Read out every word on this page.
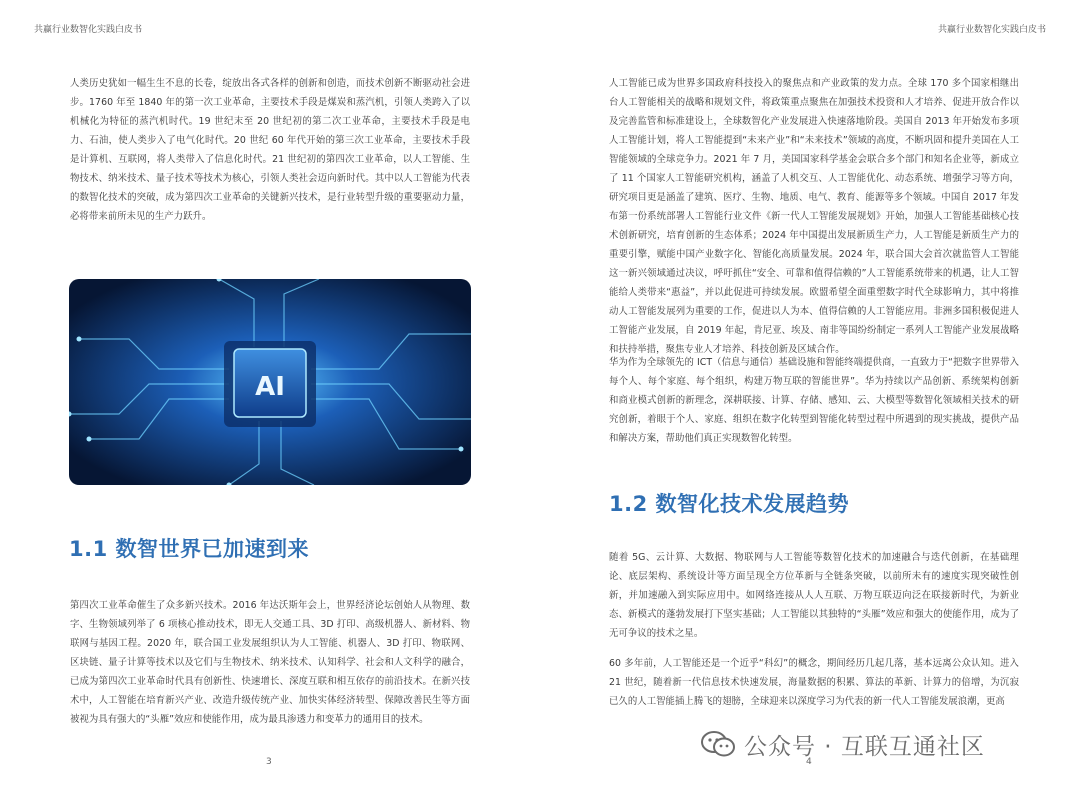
共赢行业数智化实践白皮书

人类历史犹如一幅生生不息的长卷，绽放出各式各样的创新和创造，而技术创新不断驱动社会进步。1760 年至 1840 年的第一次工业革命，主要技术手段是煤炭和蒸汽机，引领人类跨入了以机械化为特征的蒸汽机时代。19 世纪末至 20 世纪初的第二次工业革命，主要技术手段是电力、石油，使人类步入了电气化时代。20 世纪 60 年代开始的第三次工业革命，主要技术手段是计算机、互联网，将人类带入了信息化时代。21 世纪初的第四次工业革命，以人工智能、生物技术、纳米技术、量子技术等技术为核心，引领人类社会迈向新时代。其中以人工智能为代表的数智化技术的突破，成为第四次工业革命的关键新兴技术，是行业转型升级的重要驱动力量，必将带来前所未见的生产力跃升。

AI
1.1 数智世界已加速到来

第四次工业革命催生了众多新兴技术。2016 年达沃斯年会上，世界经济论坛创始人从物理、数字、生物领域列举了 6 项核心推动技术，即无人交通工具、3D 打印、高级机器人、新材料、物联网与基因工程。2020 年，联合国工业发展组织认为人工智能、机器人、3D 打印、物联网、区块链、量子计算等技术以及它们与生物技术、纳米技术、认知科学、社会和人文科学的融合，已成为第四次工业革命时代具有创新性、快速增长、深度互联和相互依存的前沿技术。在新兴技术中，人工智能在培育新兴产业、改造升级传统产业、加快实体经济转型、保障改善民生等方面被视为具有强大的“头雁”效应和使能作用，成为最具渗透力和变革力的通用目的技术。

3
共赢行业数智化实践白皮书

人工智能已成为世界多国政府科技投入的聚焦点和产业政策的发力点。全球 170 多个国家相继出台人工智能相关的战略和规划文件，将政策重点聚焦在加强技术投资和人才培养、促进开放合作以及完善监管和标准建设上，全球数智化产业发展进入快速落地阶段。美国自 2013 年开始发布多项人工智能计划，将人工智能提到“未来产业”和“未来技术”领域的高度，不断巩固和提升美国在人工智能领域的全球竞争力。2021 年 7 月，美国国家科学基金会联合多个部门和知名企业等，新成立了 11 个国家人工智能研究机构，涵盖了人机交互、人工智能优化、动态系统、增强学习等方向，研究项目更是涵盖了建筑、医疗、生物、地质、电气、教育、能源等多个领域。中国自 2017 年发布第一份系统部署人工智能行业文件《新一代人工智能发展规划》开始，加强人工智能基础核心技术创新研究，培育创新的生态体系；2024 年中国提出发展新质生产力，人工智能是新质生产力的重要引擎，赋能中国产业数字化、智能化高质量发展。2024 年，联合国大会首次就监管人工智能这一新兴领域通过决议，呼吁抓住“安全、可靠和值得信赖的”人工智能系统带来的机遇，让人工智能给人类带来“惠益”，并以此促进可持续发展。欧盟希望全面重塑数字时代全球影响力，其中将推动人工智能发展列为重要的工作，促进以人为本、值得信赖的人工智能应用。非洲多国积极促进人工智能产业发展，自 2019 年起，肯尼亚、埃及、南非等国纷纷制定一系列人工智能产业发展战略和扶持举措，聚焦专业人才培养、科技创新及区域合作。

华为作为全球领先的 ICT（信息与通信）基础设施和智能终端提供商，一直致力于“把数字世界带入每个人、每个家庭、每个组织，构建万物互联的智能世界”。华为持续以产品创新、系统架构创新和商业模式创新的新理念，深耕联接、计算、存储、感知、云、大模型等数智化领域相关技术的研究创新，着眼于个人、家庭、组织在数字化转型到智能化转型过程中所遇到的现实挑战，提供产品和解决方案，帮助他们真正实现数智化转型。

1.2 数智化技术发展趋势

随着 5G、云计算、大数据、物联网与人工智能等数智化技术的加速融合与迭代创新，在基础理论、底层架构、系统设计等方面呈现全方位革新与全链条突破，以前所未有的速度实现突破性创新，并加速融入到实际应用中。如网络连接从人人互联、万物互联迈向泛在联接新时代，为新业态、新模式的蓬勃发展打下坚实基础；人工智能以其独特的“头雁”效应和强大的使能作用，成为了无可争议的技术之星。

60 多年前，人工智能还是一个近乎“科幻”的概念，期间经历几起几落，基本远离公众认知。进入 21 世纪，随着新一代信息技术快速发展，海量数据的积累、算法的革新、计算力的倍增，为沉寂已久的人工智能插上腾飞的翅膀，全球迎来以深度学习为代表的新一代人工智能发展浪潮，更高

4
公众号 · 互联互通社区
